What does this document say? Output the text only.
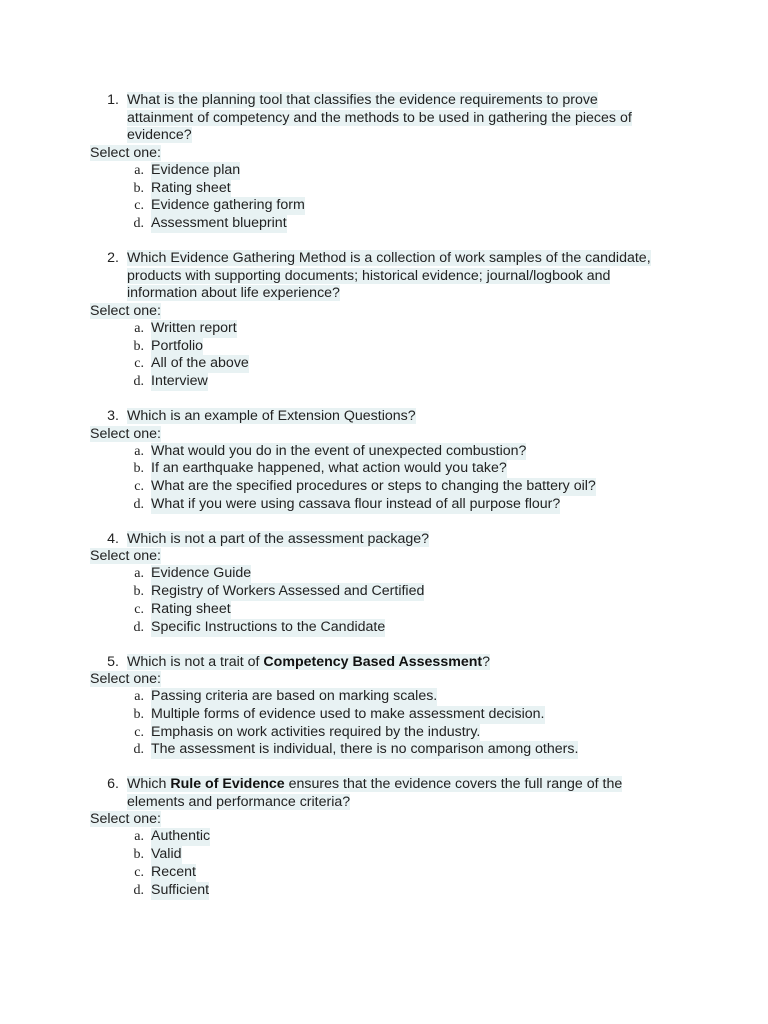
1. What is the planning tool that classifies the evidence requirements to prove attainment of competency and the methods to be used in gathering the pieces of evidence?
Select one:
a. Evidence plan
b. Rating sheet
c. Evidence gathering form
d. Assessment blueprint
2. Which Evidence Gathering Method is a collection of work samples of the candidate, products with supporting documents; historical evidence; journal/logbook and information about life experience?
Select one:
a. Written report
b. Portfolio
c. All of the above
d. Interview
3. Which is an example of Extension Questions?
Select one:
a. What would you do in the event of unexpected combustion?
b. If an earthquake happened, what action would you take?
c. What are the specified procedures or steps to changing the battery oil?
d. What if you were using cassava flour instead of all purpose flour?
4. Which is not a part of the assessment package?
Select one:
a. Evidence Guide
b. Registry of Workers Assessed and Certified
c. Rating sheet
d. Specific Instructions to the Candidate
5. Which is not a trait of Competency Based Assessment?
Select one:
a. Passing criteria are based on marking scales.
b. Multiple forms of evidence used to make assessment decision.
c. Emphasis on work activities required by the industry.
d. The assessment is individual, there is no comparison among others.
6. Which Rule of Evidence ensures that the evidence covers the full range of the elements and performance criteria?
Select one:
a. Authentic
b. Valid
c. Recent
d. Sufficient
